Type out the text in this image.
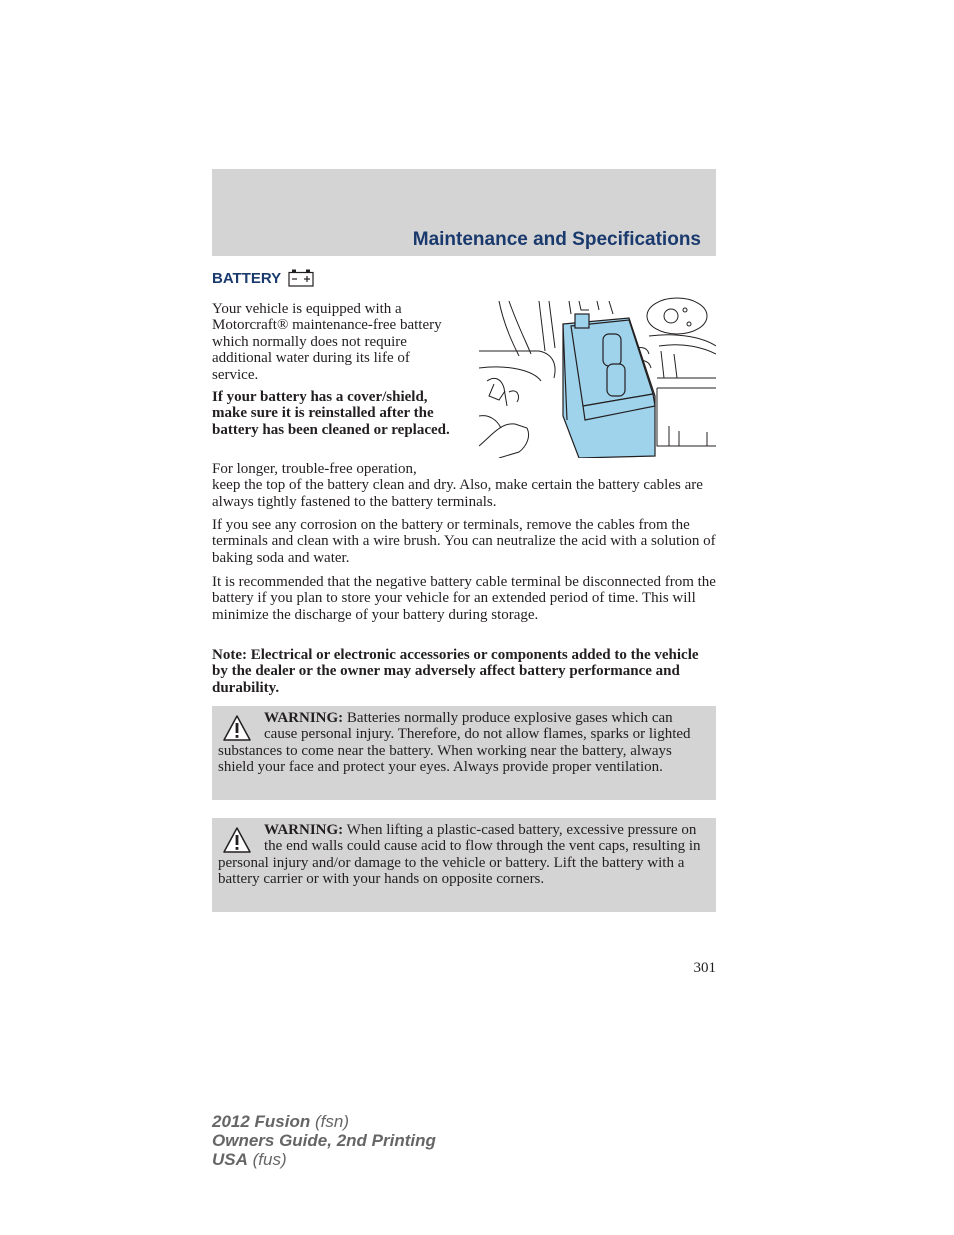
Maintenance and Specifications
BATTERY
Your vehicle is equipped with a Motorcraft® maintenance-free battery which normally does not require additional water during its life of service.
If your battery has a cover/shield, make sure it is reinstalled after the battery has been cleaned or replaced.
For longer, trouble-free operation,
keep the top of the battery clean and dry. Also, make certain the battery cables are always tightly fastened to the battery terminals.
If you see any corrosion on the battery or terminals, remove the cables from the terminals and clean with a wire brush. You can neutralize the acid with a solution of baking soda and water.
It is recommended that the negative battery cable terminal be disconnected from the battery if you plan to store your vehicle for an extended period of time. This will minimize the discharge of your battery during storage.
Note: Electrical or electronic accessories or components added to the vehicle by the dealer or the owner may adversely affect battery performance and durability.
WARNING: Batteries normally produce explosive gases which can cause personal injury. Therefore, do not allow flames, sparks or lighted substances to come near the battery. When working near the battery, always shield your face and protect your eyes. Always provide proper ventilation.
WARNING: When lifting a plastic-cased battery, excessive pressure on the end walls could cause acid to flow through the vent caps, resulting in personal injury and/or damage to the vehicle or battery. Lift the battery with a battery carrier or with your hands on opposite corners.
301
2012 Fusion (fsn)
Owners Guide, 2nd Printing
USA (fus)
